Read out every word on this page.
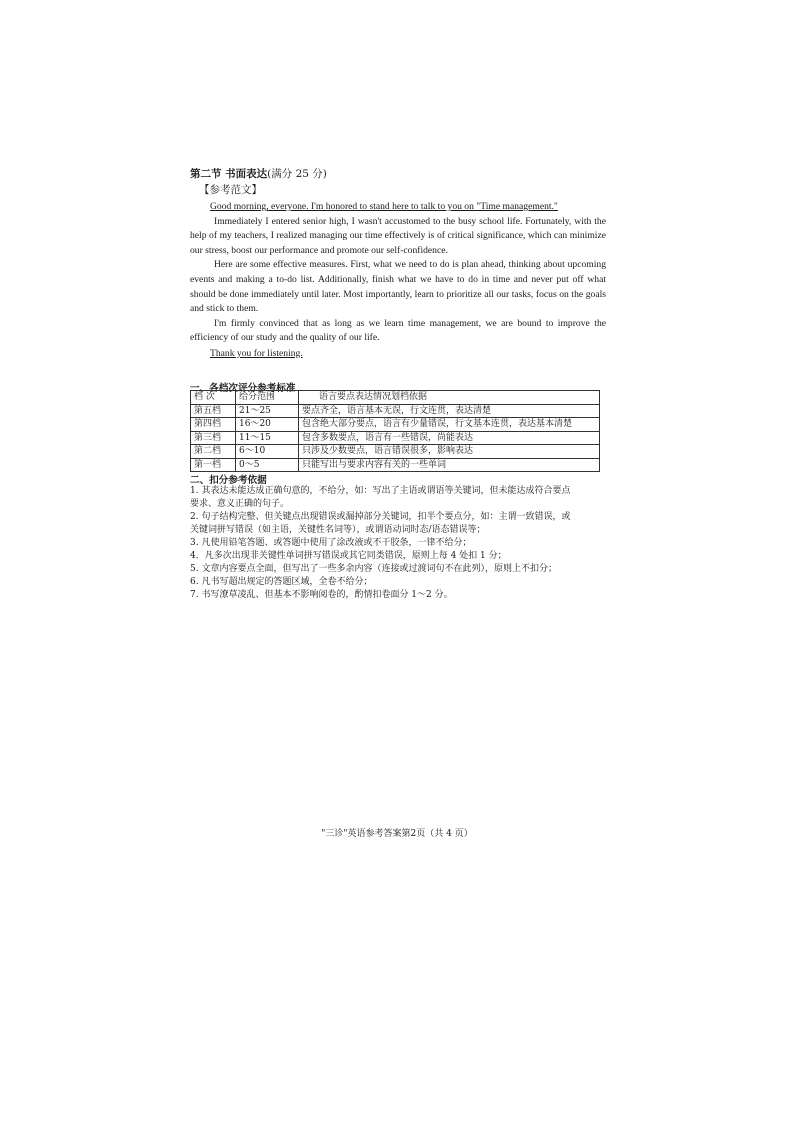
第二节 书面表达(满分 25 分)
【参考范文】

Good morning, everyone. I'm honored to stand here to talk to you on "Time management."

Immediately I entered senior high, I wasn't accustomed to the busy school life. Fortunately, with the help of my teachers, I realized managing our time effectively is of critical significance, which can minimize our stress, boost our performance and promote our self-confidence.

Here are some effective measures. First, what we need to do is plan ahead, thinking about upcoming events and making a to-do list. Additionally, finish what we have to do in time and never put off what should be done immediately until later. Most importantly, learn to prioritize all our tasks, focus on the goals and stick to them.

I'm firmly convinced that as long as we learn time management, we are bound to improve the efficiency of our study and the quality of our life.

Thank you for listening.

一、各档次评分参考标准
档 次	给分范围	语言要点表达情况划档依据
第五档	21～25	要点齐全，语言基本无误，行文连贯，表达清楚
第四档	16～20	包含绝大部分要点，语言有少量错误，行文基本连贯，表达基本清楚
第三档	11～15	包含多数要点，语言有一些错误，尚能表达
第二档	6～10	只涉及少数要点，语言错误很多，影响表达
第一档	0～5	只能写出与要求内容有关的一些单词
二、扣分参考依据

1. 其表达未能达成正确句意的，不给分，如：写出了主语或谓语等关键词，但未能达成符合要点

要求、意义正确的句子。

2. 句子结构完整、但关键点出现错误或漏掉部分关键词，扣半个要点分，如：主谓一致错误，或

关键词拼写错误（如主语，关键性名词等），或谓语动词时态/语态错误等；

3. 凡使用铅笔答题、或答题中使用了涂改液或不干胶条，一律不给分；

4．凡多次出现非关键性单词拼写错误或其它同类错误，原则上每 4 处扣 1 分；

5. 文章内容要点全面，但写出了一些多余内容（连接或过渡词句不在此列），原则上不扣分；

6. 凡书写超出规定的答题区域，全卷不给分；

7. 书写潦草凌乱、但基本不影响阅卷的，酌情扣卷面分 1～2 分。

"三诊"英语参考答案第2页（共 4 页）
